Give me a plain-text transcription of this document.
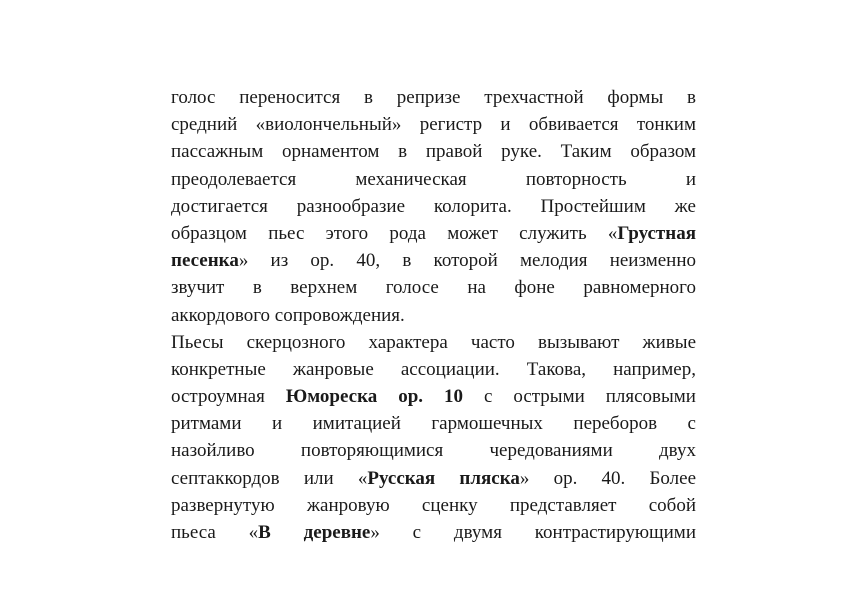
голос переносится в репризе трехчастной формы в
средний «виолончельный» регистр и обвивается тонким
пассажным орнаментом в правой руке. Таким образом
преодолевается механическая повторность и
достигается разнообразие колорита. Простейшим же
образцом пьес этого рода может служить «Грустная
песенка» из ор. 40, в которой мелодия неизменно
звучит в верхнем голосе на фоне равномерного
аккордового сопровождения.
Пьесы скерцозного характера часто вызывают живые
конкретные жанровые ассоциации. Такова, например,
остроумная Юмореска ор. 10 с острыми плясовыми
ритмами и имитацией гармошечных переборов с
назойливо повторяющимися чередованиями двух
септаккордов или «Русская пляска» ор. 40. Более
развернутую жанровую сценку представляет собой
пьеса «В деревне» с двумя контрастирующими
